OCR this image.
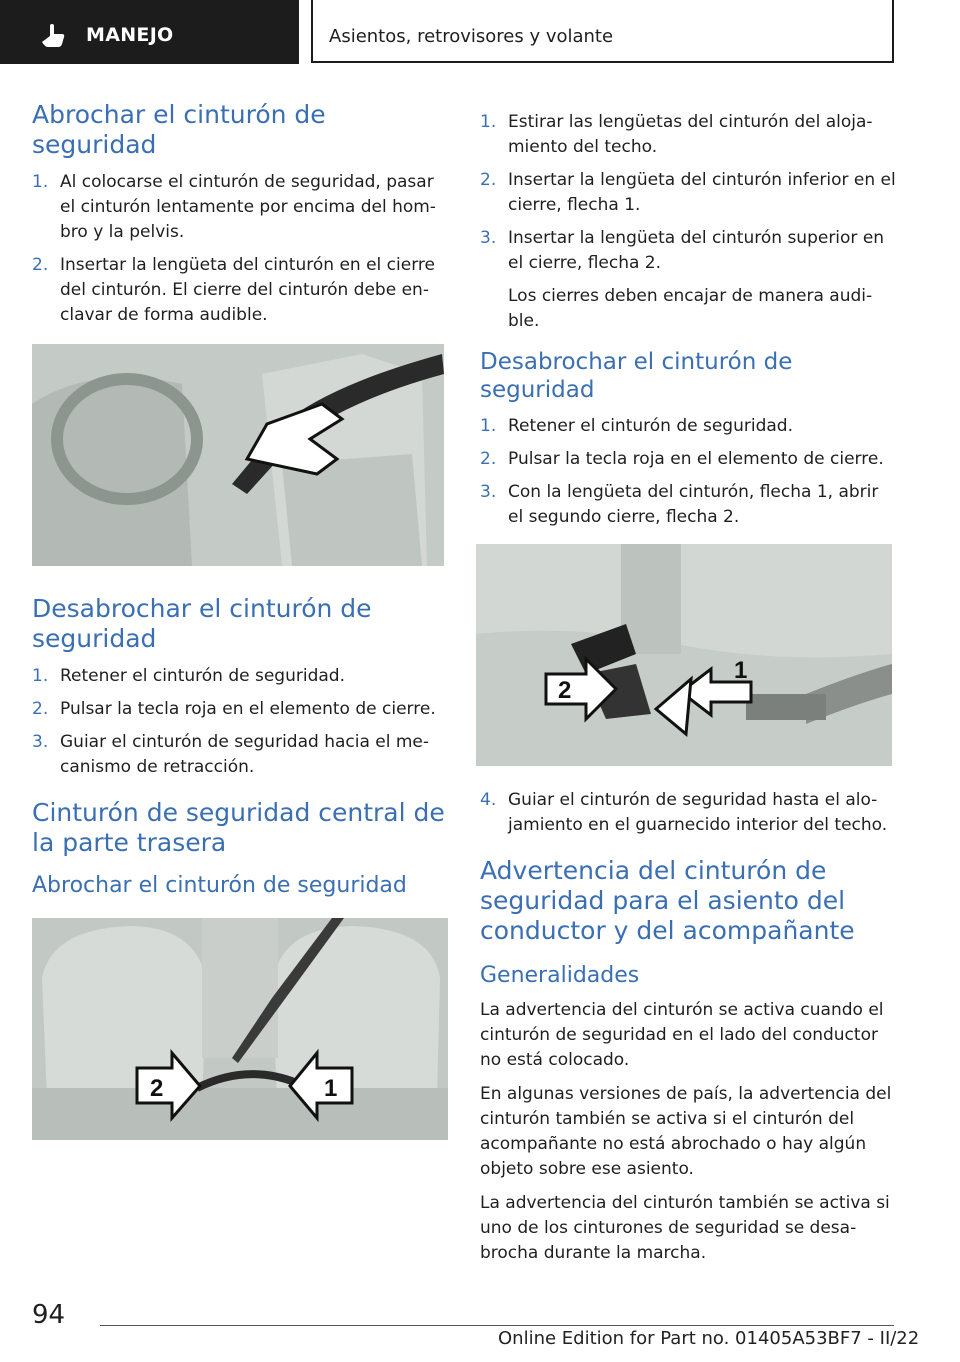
MANEJO	Asientos, retrovisores y volante
Abrochar el cinturón de seguridad
1. Al colocarse el cinturón de seguridad, pasar el cinturón lentamente por encima del hom-bro y la pelvis.
2. Insertar la lengüeta del cinturón en el cierre del cinturón. El cierre del cinturón debe en-clavar de forma audible.
Desabrochar el cinturón de seguridad
1. Retener el cinturón de seguridad.
2. Pulsar la tecla roja en el elemento de cierre.
3. Guiar el cinturón de seguridad hacia el me-canismo de retracción.
Cinturón de seguridad central de la parte trasera
Abrochar el cinturón de seguridad
2	1
1. Estirar las lengüetas del cinturón del aloja-miento del techo.
2. Insertar la lengüeta del cinturón inferior en el cierre, flecha 1.
3. Insertar la lengüeta del cinturón superior en el cierre, flecha 2.
Los cierres deben encajar de manera audi-ble.
Desabrochar el cinturón de seguridad
1. Retener el cinturón de seguridad.
2. Pulsar la tecla roja en el elemento de cierre.
3. Con la lengüeta del cinturón, flecha 1, abrir el segundo cierre, flecha 2.
2
1
4. Guiar el cinturón de seguridad hasta el alo-jamiento en el guarnecido interior del techo.
Advertencia del cinturón de seguridad para el asiento del conductor y del acompañante
Generalidades

La advertencia del cinturón se activa cuando el cinturón de seguridad en el lado del conductor no está colocado.

En algunas versiones de país, la advertencia del cinturón también se activa si el cinturón del acompañante no está abrochado o hay algún objeto sobre ese asiento.

La advertencia del cinturón también se activa si uno de los cinturones de seguridad se desa-brocha durante la marcha.

94
Online Edition for Part no. 01405A53BF7 - II/22
